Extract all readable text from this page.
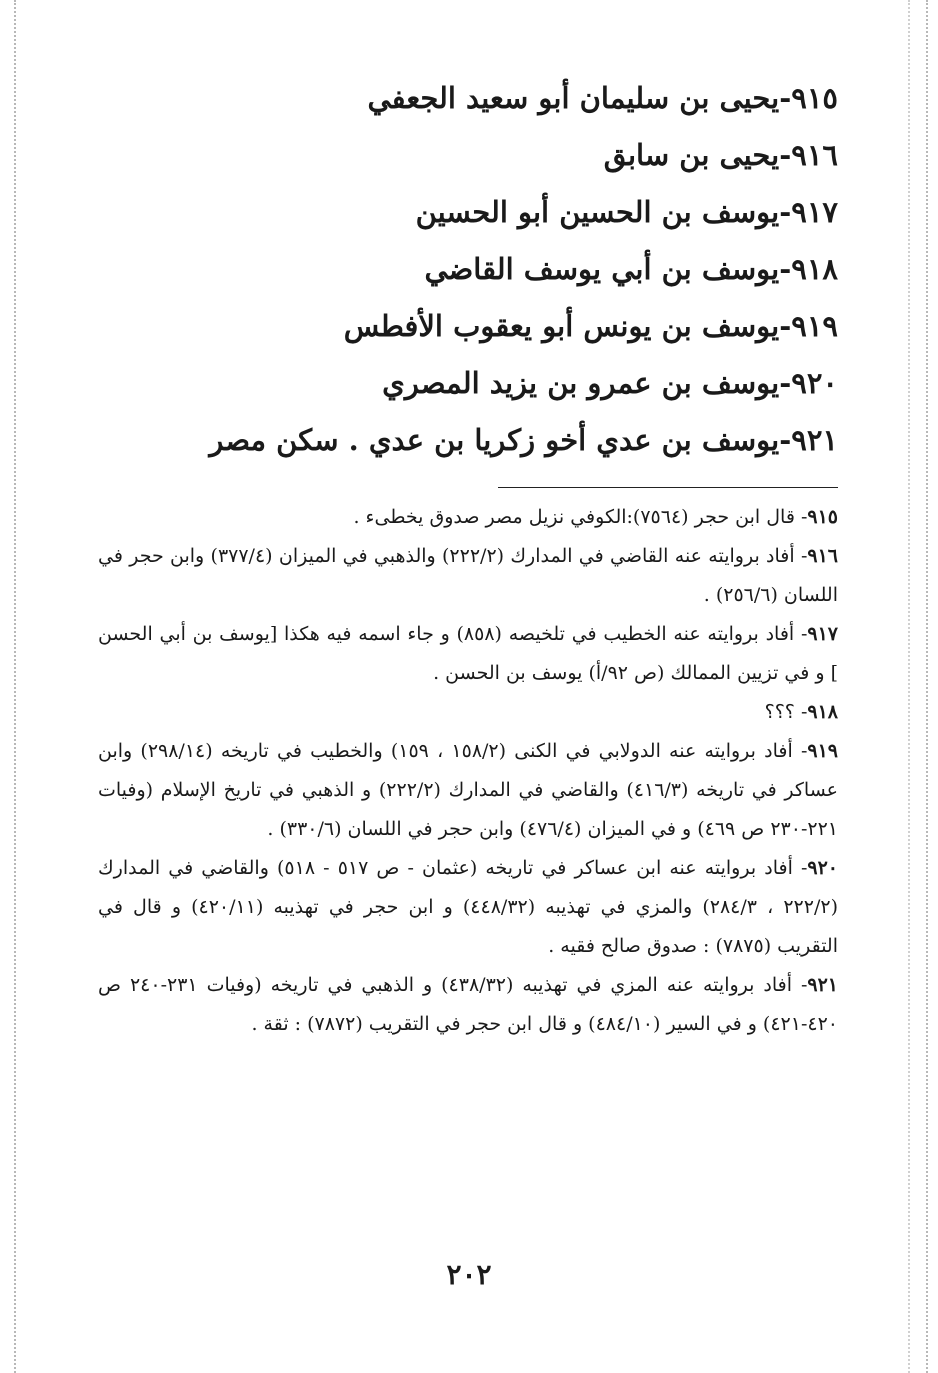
٩١٥-يحيى بن سليمان أبو سعيد الجعفي
٩١٦-يحيى بن سابق
٩١٧-يوسف بن الحسين أبو الحسين
٩١٨-يوسف بن أبي يوسف القاضي
٩١٩-يوسف بن يونس أبو يعقوب الأفطس
٩٢٠-يوسف بن عمرو بن يزيد المصري
٩٢١-يوسف بن عدي أخو زكريا بن عدي . سكن مصر
٩١٥- قال ابن حجر (٧٥٦٤):الكوفي نزيل مصر صدوق يخطىء .
٩١٦- أفاد بروايته عنه القاضي في المدارك (٢٢٢/٢) والذهبي في الميزان (٣٧٧/٤) وابن حجر في اللسان (٢٥٦/٦) .
٩١٧- أفاد بروايته عنه الخطيب في تلخيصه (٨٥٨) و جاء اسمه فيه هكذا [يوسف بن أبي الحسن ] و في تزيين الممالك (ص ٩٢/أ) يوسف بن الحسن .
٩١٨- ؟؟؟
٩١٩- أفاد بروايته عنه الدولابي في الكنى (١٥٨/٢ ، ١٥٩) والخطيب في تاريخه (٢٩٨/١٤) وابن عساكر في تاريخه (٤١٦/٣) والقاضي في المدارك (٢٢٢/٢) و الذهبي في تاريخ الإسلام (وفيات ٢٢١-٢٣٠ ص ٤٦٩) و في الميزان (٤٧٦/٤) وابن حجر في اللسان (٣٣٠/٦) .
٩٢٠- أفاد بروايته عنه ابن عساكر في تاريخه (عثمان - ص ٥١٧ - ٥١٨) والقاضي في المدارك (٢٢٢/٢ ، ٢٨٤/٣) والمزي في تهذيبه (٤٤٨/٣٢) و ابن حجر في تهذيبه (٤٢٠/١١) و قال في التقريب (٧٨٧٥) : صدوق صالح فقيه .
٩٢١- أفاد بروايته عنه المزي في تهذيبه (٤٣٨/٣٢) و الذهبي في تاريخه (وفيات ٢٣١-٢٤٠ ص ٤٢٠-٤٢١) و في السير (٤٨٤/١٠) و قال ابن حجر في التقريب (٧٨٧٢) : ثقة .
٢٠٢
